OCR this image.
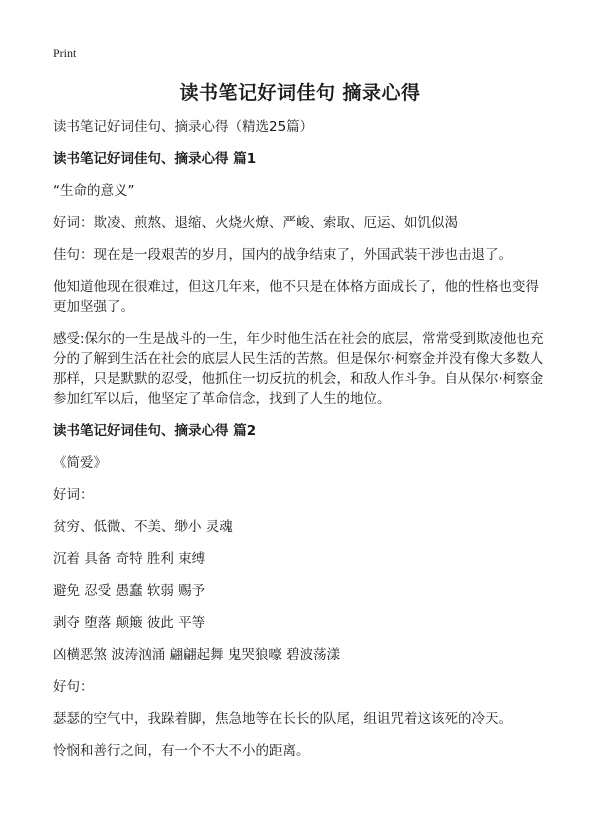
Print
读书笔记好词佳句 摘录心得

读书笔记好词佳句、摘录心得（精选25篇）

读书笔记好词佳句、摘录心得 篇1

“生命的意义”

好词：欺凌、煎熬、退缩、火烧火燎、严峻、索取、厄运、如饥似渴

佳句：现在是一段艰苦的岁月，国内的战争结束了，外国武装干涉也击退了。

他知道他现在很难过，但这几年来，他不只是在体格方面成长了，他的性格也变得更加坚强了。

感受:保尔的一生是战斗的一生，年少时他生活在社会的底层，常常受到欺凌他也充分的了解到生活在社会的底层人民生活的苦熬。但是保尔·柯察金并没有像大多数人那样，只是默默的忍受，他抓住一切反抗的机会，和敌人作斗争。自从保尔·柯察金参加红军以后，他坚定了革命信念，找到了人生的地位。

读书笔记好词佳句、摘录心得 篇2

《简爱》

好词：

贫穷、低微、不美、缈小 灵魂

沉着 具备 奇特 胜利 束缚

避免 忍受 愚蠢 软弱 赐予

剥夺 堕落 颠簸 彼此 平等

凶横恶煞 波涛汹涌 翩翩起舞 鬼哭狼嚎 碧波荡漾

好句：

瑟瑟的空气中，我跺着脚，焦急地等在长长的队尾，组诅咒着这该死的冷天。

怜悯和善行之间，有一个不大不小的距离。
